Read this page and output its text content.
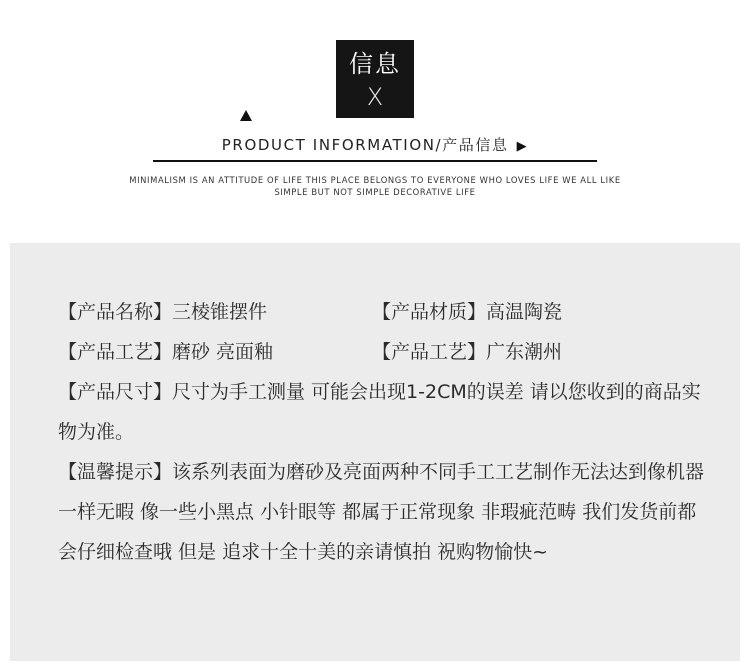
信息
X
PRODUCT INFORMATION/产品信息 ▶
MINIMALISM IS AN ATTITUDE OF LIFE THIS PLACE BELONGS TO EVERYONE WHO LOVES LIFE WE ALL LIKE
SIMPLE BUT NOT SIMPLE DECORATIVE LIFE
【产品名称】三棱锥摆件	【产品材质】高温陶瓷
【产品工艺】磨砂 亮面釉	【产品工艺】广东潮州
【产品尺寸】尺寸为手工测量 可能会出现1-2CM的误差 请以您收到的商品实物为准。
【温馨提示】该系列表面为磨砂及亮面两种不同手工工艺制作无法达到像机器一样无暇 像一些小黑点 小针眼等 都属于正常现象 非瑕疵范畴 我们发货前都会仔细检查哦 但是 追求十全十美的亲请慎拍 祝购物愉快~
